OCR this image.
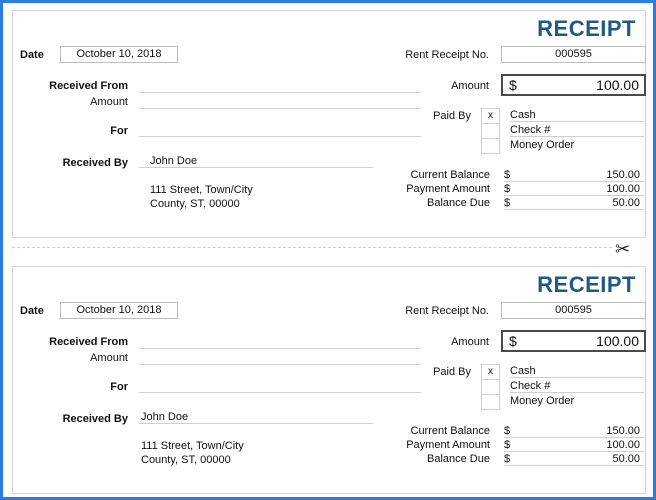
RECEIPT
Date	October 10, 2018	Rent Receipt No.	000595
Received From
Amount
For
Received By John Doe
111 Street, Town/City
County, ST, 00000
Amount $	100.00
Paid By	x	Cash
Check #
Money Order
Current Balance $	150.00
Payment Amount $	100.00
Balance Due $	50.00
✂
RECEIPT
Date	October 10, 2018	Rent Receipt No.	000595
Received From
Amount
For
Received By John Doe
111 Street, Town/City
County, ST, 00000
Amount $	100.00
Paid By	x	Cash
Check #
Money Order
Current Balance $	150.00
Payment Amount $	100.00
Balance Due $	50.00
